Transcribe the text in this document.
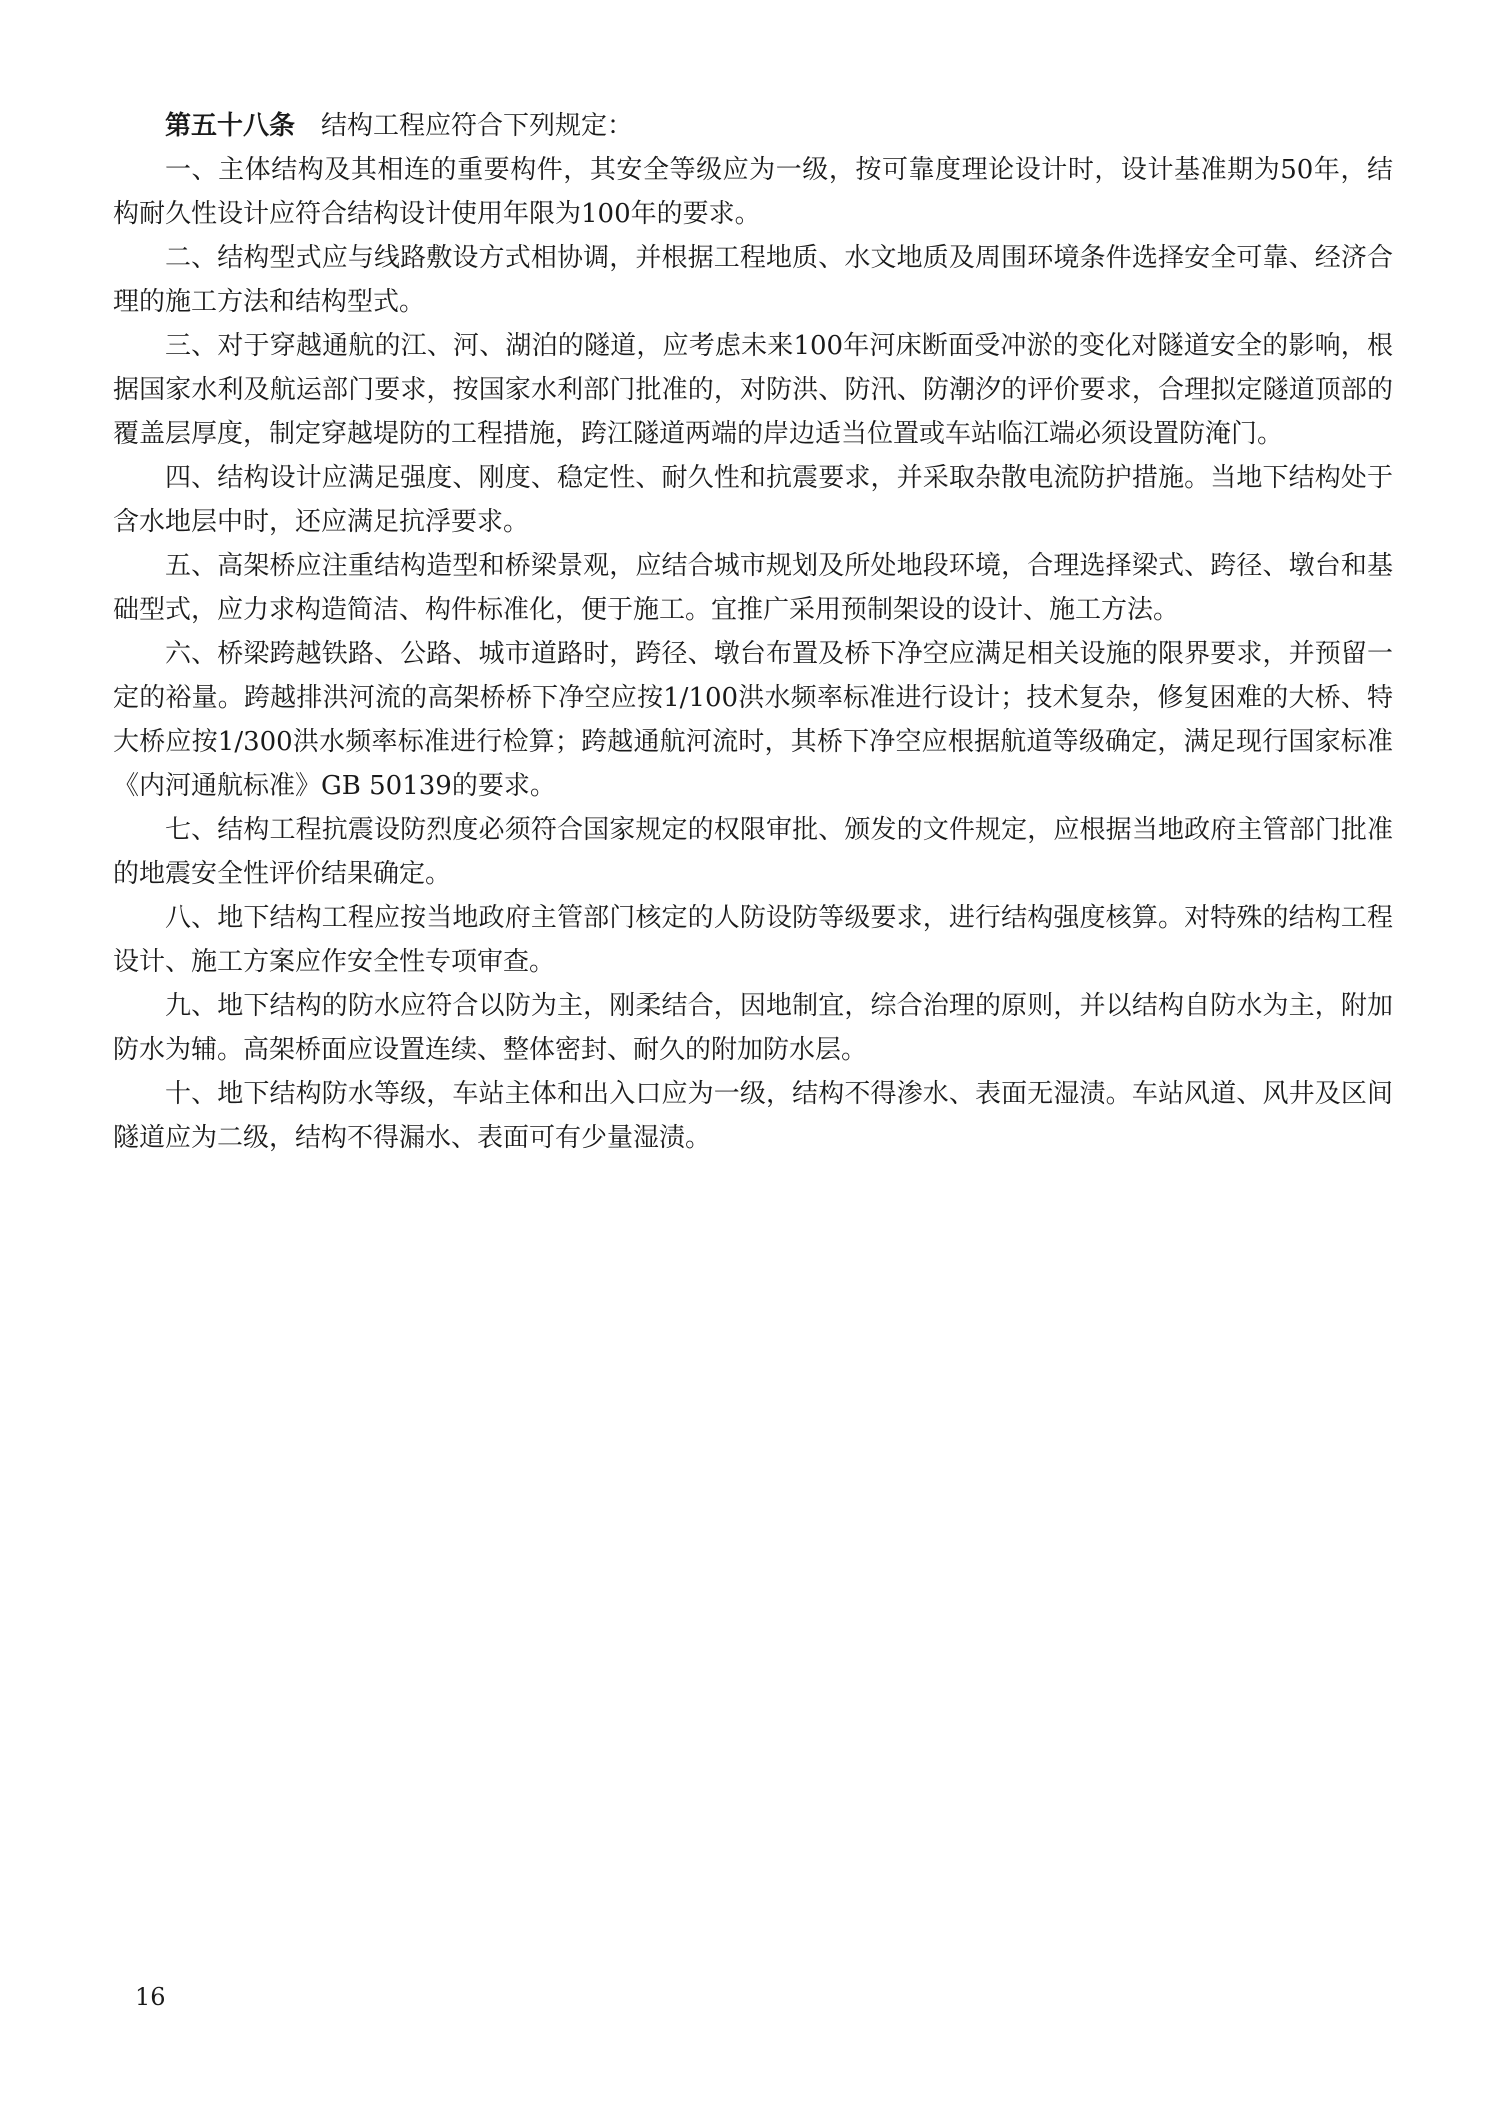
第五十八条 结构工程应符合下列规定：

一、主体结构及其相连的重要构件，其安全等级应为一级，按可靠度理论设计时，设计基准期为50年，结构耐久性设计应符合结构设计使用年限为100年的要求。

二、结构型式应与线路敷设方式相协调，并根据工程地质、水文地质及周围环境条件选择安全可靠、经济合理的施工方法和结构型式。

三、对于穿越通航的江、河、湖泊的隧道，应考虑未来100年河床断面受冲淤的变化对隧道安全的影响，根据国家水利及航运部门要求，按国家水利部门批准的，对防洪、防汛、防潮汐的评价要求，合理拟定隧道顶部的覆盖层厚度，制定穿越堤防的工程措施，跨江隧道两端的岸边适当位置或车站临江端必须设置防淹门。

四、结构设计应满足强度、刚度、稳定性、耐久性和抗震要求，并采取杂散电流防护措施。当地下结构处于含水地层中时，还应满足抗浮要求。

五、高架桥应注重结构造型和桥梁景观，应结合城市规划及所处地段环境，合理选择梁式、跨径、墩台和基础型式，应力求构造简洁、构件标准化，便于施工。宜推广采用预制架设的设计、施工方法。

六、桥梁跨越铁路、公路、城市道路时，跨径、墩台布置及桥下净空应满足相关设施的限界要求，并预留一定的裕量。跨越排洪河流的高架桥桥下净空应按1/100洪水频率标准进行设计；技术复杂，修复困难的大桥、特大桥应按1/300洪水频率标准进行检算；跨越通航河流时，其桥下净空应根据航道等级确定，满足现行国家标准《内河通航标准》GB 50139的要求。

七、结构工程抗震设防烈度必须符合国家规定的权限审批、颁发的文件规定，应根据当地政府主管部门批准的地震安全性评价结果确定。

八、地下结构工程应按当地政府主管部门核定的人防设防等级要求，进行结构强度核算。对特殊的结构工程设计、施工方案应作安全性专项审查。

九、地下结构的防水应符合以防为主，刚柔结合，因地制宜，综合治理的原则，并以结构自防水为主，附加防水为辅。高架桥面应设置连续、整体密封、耐久的附加防水层。

十、地下结构防水等级，车站主体和出入口应为一级，结构不得渗水、表面无湿渍。车站风道、风井及区间隧道应为二级，结构不得漏水、表面可有少量湿渍。

16
